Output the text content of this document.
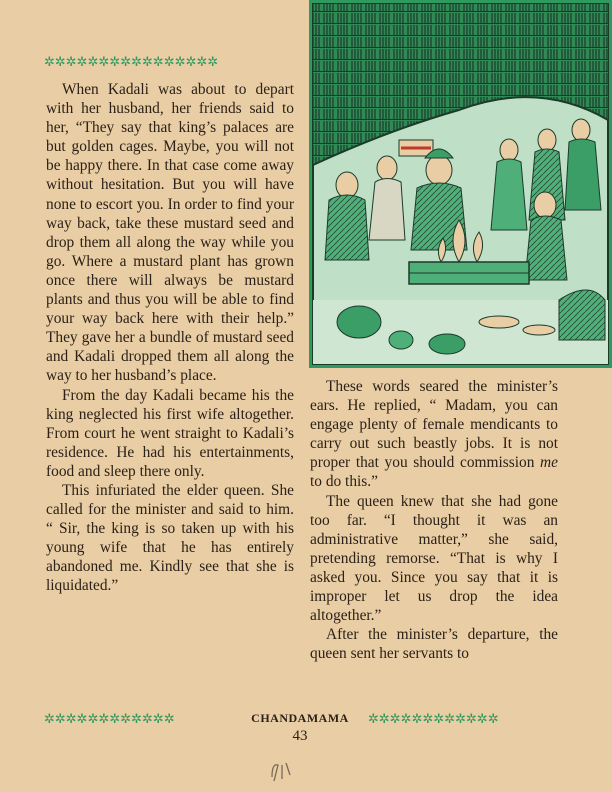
✲✲✲✲✲✲✲✲✲✲✲✲✲✲✲✲

When Kadali was about to depart with her husband, her friends said to her, “They say that king’s palaces are but golden cages. Maybe, you will not be happy there. In that case come away without hesitation. But you will have none to escort you. In order to find your way back, take these mustard seed and drop them all along the way while you go. Where a mustard plant has grown once there will always be mustard plants and thus you will be able to find your way back here with their help.” They gave her a bundle of mustard seed and Kadali dropped them all along the way to her husband’s place.

From the day Kadali became his the king neglected his first wife altogether. From court he went straight to Kadali’s residence. He had his entertainments, food and sleep there only.

This infuriated the elder queen. She called for the minister and said to him. “ Sir, the king is so taken up with his young wife that he has entirely abandoned me. Kindly see that she is liquidated.”

These words seared the minister’s ears. He replied, “ Madam, you can engage plenty of female mendicants to carry out such beastly jobs. It is not proper that you should commission me to do this.”

The queen knew that she had gone too far. “I thought it was an administrative matter,” she said, pretending remorse. “That is why I asked you. Since you say that it is improper let us drop the idea altogether.”

After the minister’s departure, the queen sent her servants to

✲✲✲✲✲✲✲✲✲✲✲✲	CHANDAMAMA	✲✲✲✲✲✲✲✲✲✲✲✲
43
